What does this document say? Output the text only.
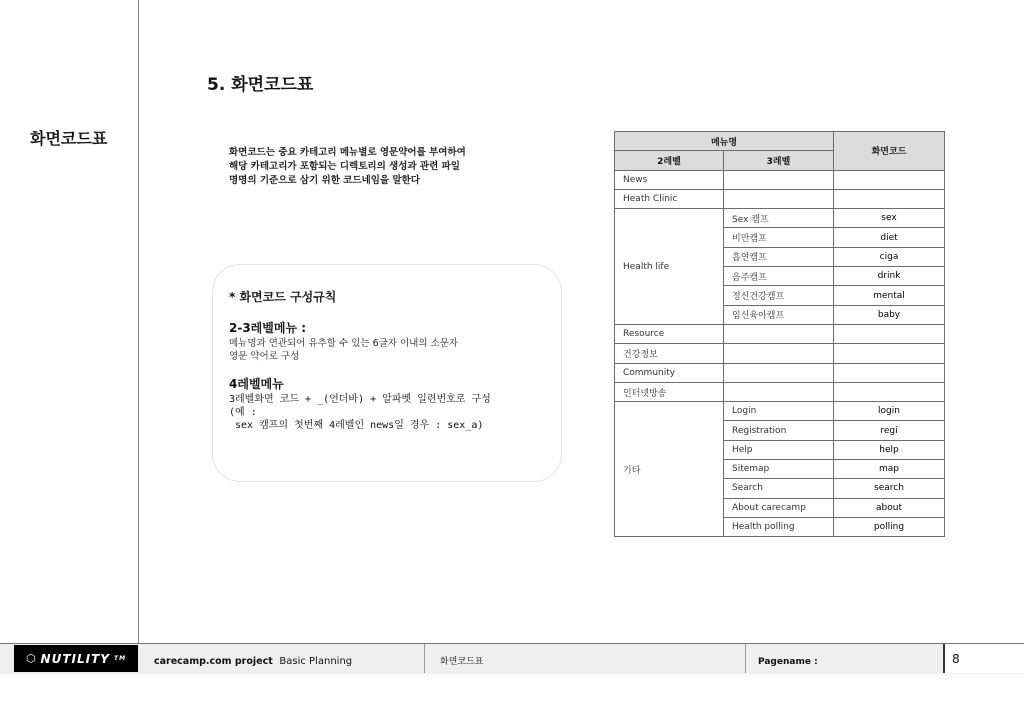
화면코드표
5. 화면코드표
화면코드는 중요 카테고리 메뉴별로 영문약어를 부여하여
해당 카테고리가 포함되는 디렉토리의 생성과 관련 파일
명명의 기준으로 삼기 위한 코드네임을 말한다
* 화면코드 구성규칙
2-3레벨메뉴 :
메뉴명과 연관되어 유추할 수 있는 6글자 이내의 소문자
영문 약어로 구성
4레벨메뉴
3레벨화면 코드 + _(언더바) + 알파벳 일련번호로 구성
(예 :
sex 캠프의 첫번째 4레벨인 news일 경우 : sex_a)
메뉴명		화면코드
2레벨	3레벨	
News		
Heath Clinic		
Health life	Sex 캠프	sex
	비만캠프	diet
	흡연캠프	ciga
	음주캠프	drink
	정신건강캠프	mental
	임신육아캠프	baby
Resource		
건강정보		
Community		
인터넷방송		
기타	Login	login
	Registration	regi
	Help	help
	Sitemap	map
	Search	search
	About carecamp	about
	Health polling	polling
⬡ NUTILITY TM	carecamp.com project Basic Planning	화면코드표	Pagename :	8
